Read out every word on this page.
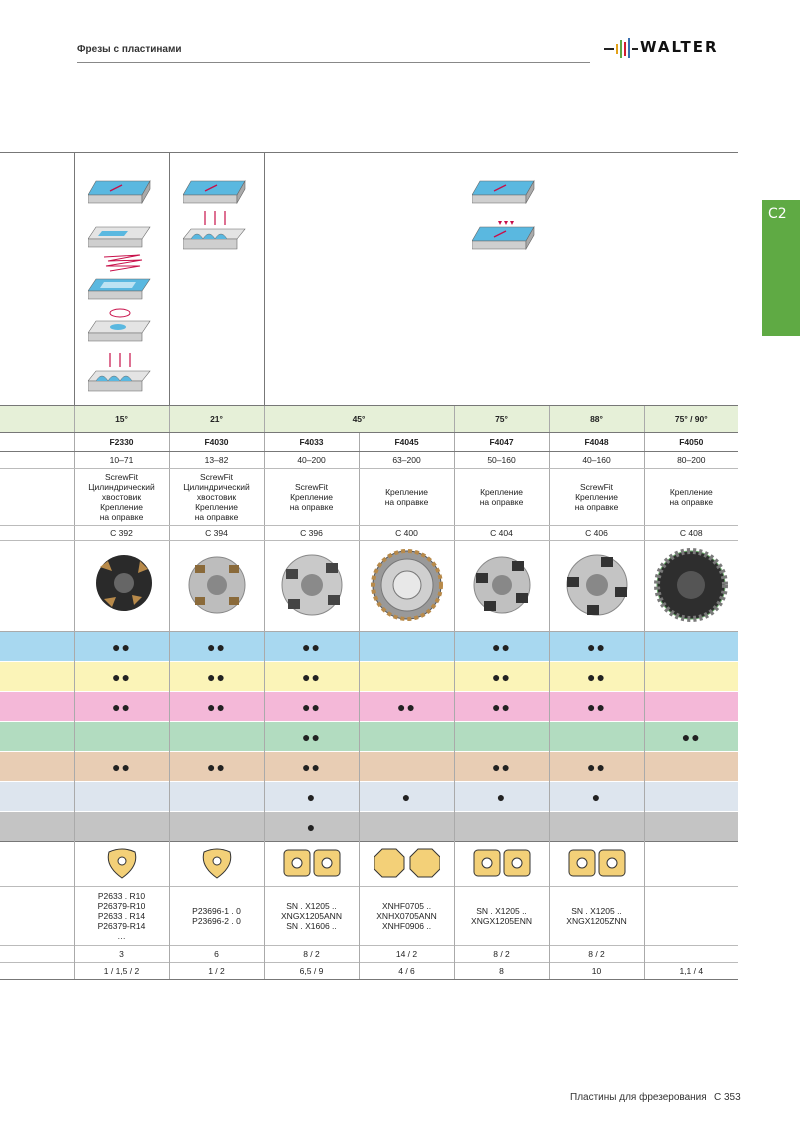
Фрезы с пластинами	WALTER
C2
	15°	21°	45°		75°	88°	75° / 90°
	F2330	F4030	F4033	F4045	F4047	F4048	F4050
	10–71	13–82	40–200	63–200	50–160	40–160	80–200
	ScrewFit
Цилиндрический
хвостовик
Крепление
на оправке	ScrewFit
Цилиндрический
хвостовик
Крепление
на оправке	ScrewFit
Крепление
на оправке	Крепление
на оправке	Крепление
на оправке	ScrewFit
Крепление
на оправке	Крепление
на оправке
	C 392	C 394	C 396	C 400	C 404	C 406	C 408

	●●	●●	●●		●●	●●	
	●●	●●	●●		●●	●●	
	●●	●●	●●	●●	●●	●●	
			●●				●●
	●●	●●	●●		●●	●●	
			●	●	●	●	
			●				

	P2633 . R10
P26379-R10
P2633 . R14
P26379-R14
…	P23696-1 . 0
P23696-2 . 0	SN . X1205 ..
XNGX1205ANN
SN . X1606 ..	XNHF0705 ..
XNHX0705ANN
XNHF0906 ..	SN . X1205 ..
XNGX1205ENN	SN . X1205 ..
XNGX1205ZNN	
	3	6	8 / 2	14 / 2	8 / 2	8 / 2	
	1 / 1,5 / 2	1 / 2	6,5 / 9	4 / 6	8	10	1,1 / 4
Пластины для фрезерования C 353
